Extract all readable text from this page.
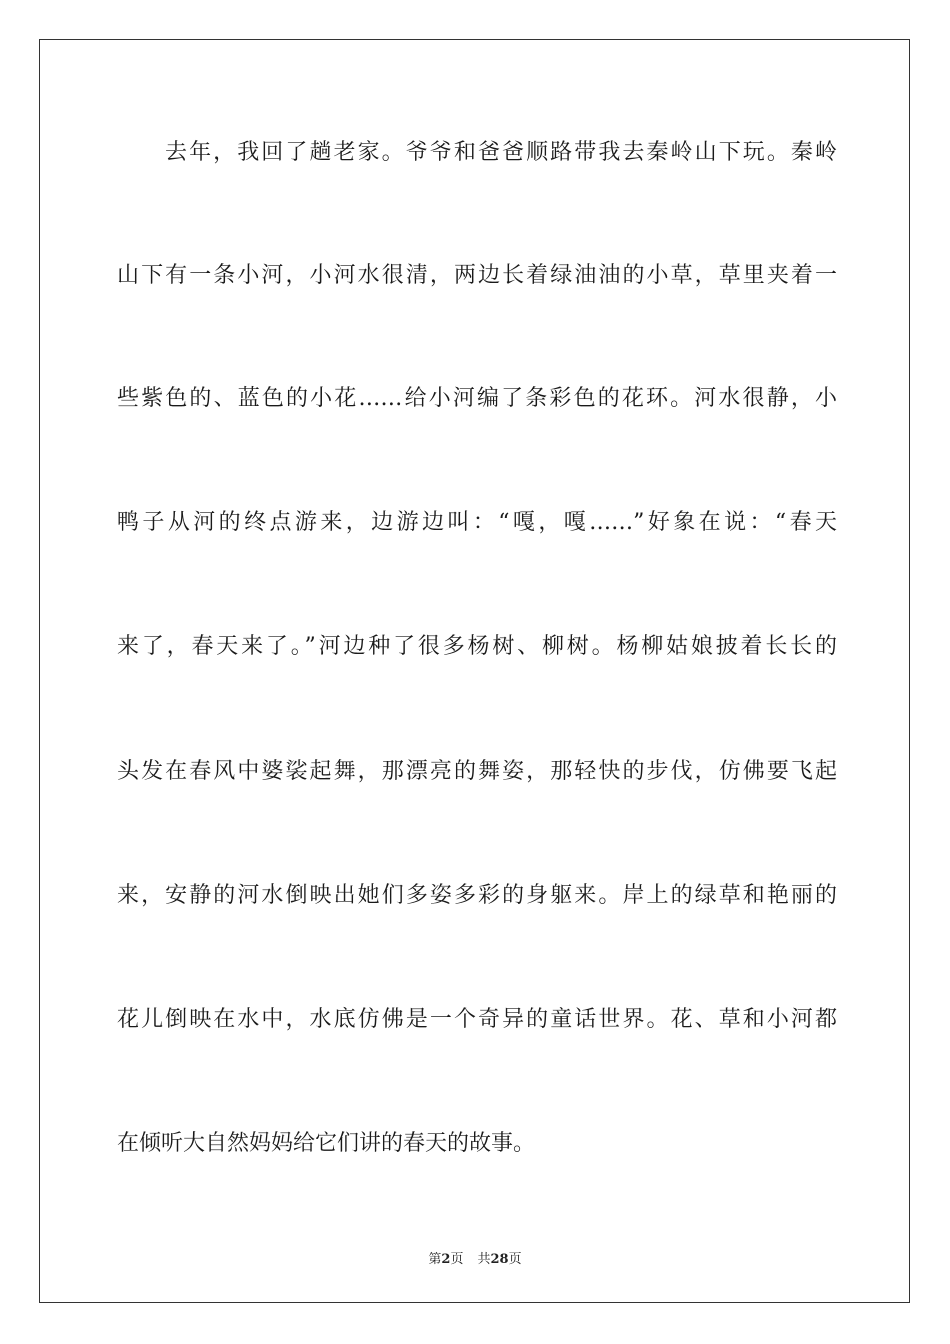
去年，我回了趟老家。爷爷和爸爸顺路带我去秦岭山下玩。秦岭
山下有一条小河，小河水很清，两边长着绿油油的小草，草里夹着一
些紫色的、蓝色的小花……给小河编了条彩色的花环。河水很静，小
鸭子从河的终点游来，边游边叫：“嘎，嘎……”好象在说：“春天
来了，春天来了。”河边种了很多杨树、柳树。杨柳姑娘披着长长的
头发在春风中婆裟起舞，那漂亮的舞姿，那轻快的步伐，仿佛要飞起
来，安静的河水倒映出她们多姿多彩的身躯来。岸上的绿草和艳丽的
花儿倒映在水中，水底仿佛是一个奇异的童话世界。花、草和小河都
在倾听大自然妈妈给它们讲的春天的故事。
第2页 共28页
